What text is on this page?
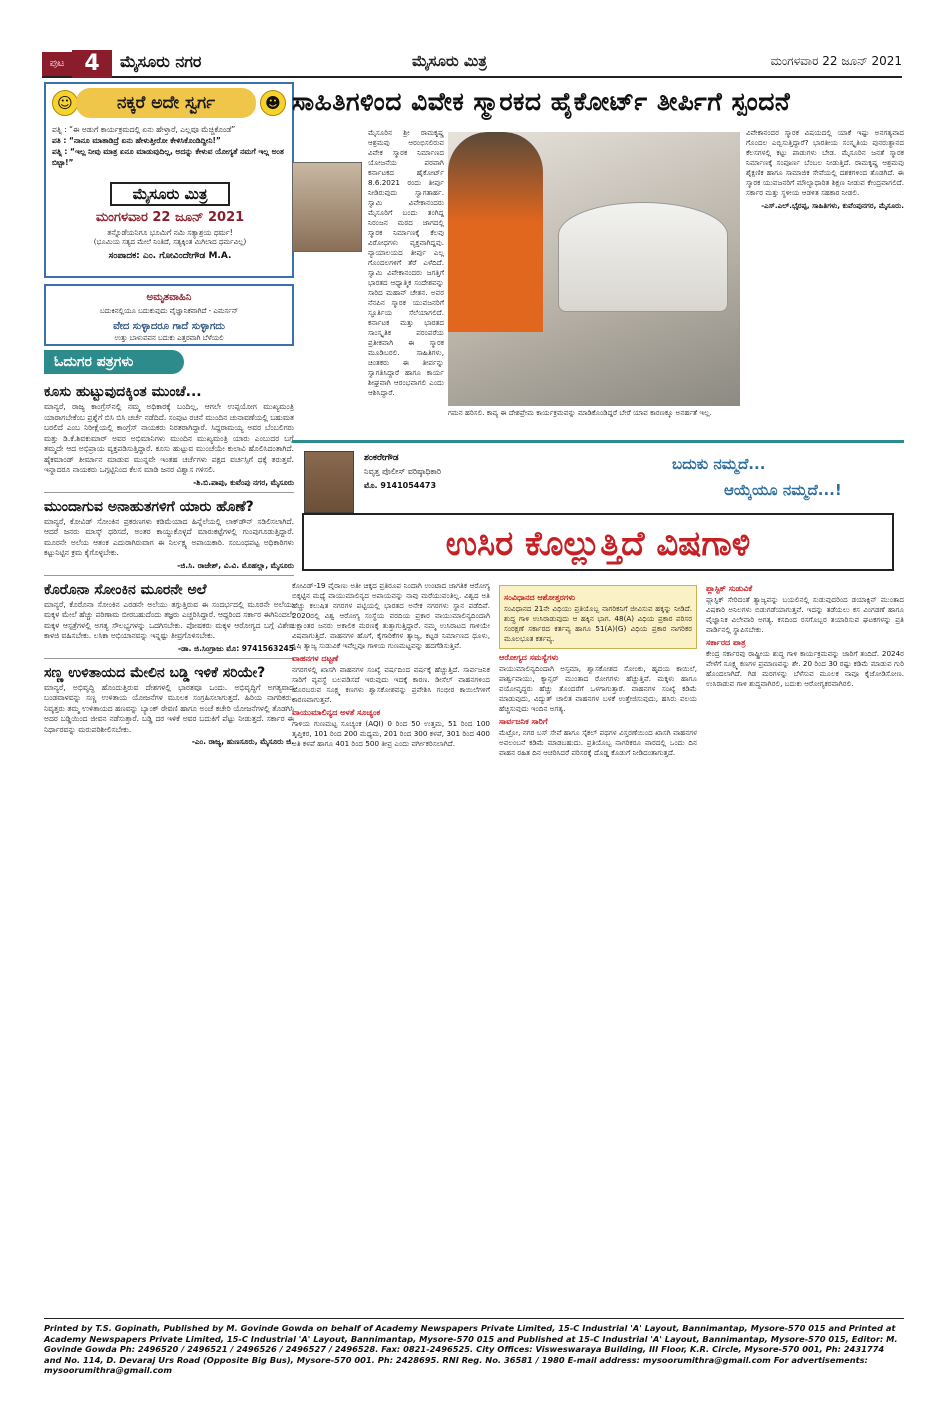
ಪುಟ 4	ಮೈಸೂರು ನಗರ	ಮೈಸೂರು ಮಿತ್ರ	ಮಂಗಳವಾರ 22 ಜೂನ್ 2021
☺	ನಕ್ಕರೆ ಅದೇ ಸ್ವರ್ಗ	☻
ಪತ್ನಿ : “ಈ ಅಡುಗೆ ಕಾರ್ಯಕ್ರಮದಲ್ಲಿ ಏನು ಹೇಳ್ತಾರೆ, ಎಲ್ಲವೂ ಮೆಚ್ಚಿಕೊಂಡೆ”
ಪತಿ : “ನಾನೂ ಮಾತಾಡಿದ್ರೆ ಏನು ಹೇಳುತ್ತೀರೋ ಕೇಳಿಸಿಕೊಂಡಿದ್ದೀನಿ!”
ಪತ್ನಿ : “ಇಲ್ಲ ನೀವು ಮಾತ್ರ ಏನೂ ಮಾಡುವುದಿಲ್ಲ, ಅದನ್ನು ಕೇಳುವ ಯೋಗ್ಯತೆ ನಮಗೆ ಇಲ್ಲ ಅಂತ ಬಿಟ್ಟಾ!”
ಮೈಸೂರು ಮಿತ್ರ
ಮಂಗಳವಾರ 22 ಜೂನ್ 2021
ತನ್ನೊಡೆಯನಿಗೂ ಭೂಮಿಗೆ ನಮಿ ಸತ್ಯಾಶ್ರಯ ಧರ್ಮ!
(ಭೂಮಿಯ ಸತ್ಯದ ಮೇಲೆ ನಿಂತಿದೆ, ಸತ್ಯಕ್ಕಿಂತ ಮಿಗಿಲಾದ ಧರ್ಮವಿಲ್ಲ)
ಸಂಪಾದಕ: ಎಂ. ಗೋವಿಂದೇಗೌಡ M.A.
ಅಮೃತವಾಹಿನಿ
ಬದುಕಿನಲ್ಲಿಯೂ ಬದುಕುವುದು ವೈಜ್ಞಾನಿಕವಾಗಿದೆ - ಎಮರ್ಸನ್
ವೇದ ಸುಳ್ಳಾದರೂ ಗಾದೆ ಸುಳ್ಳಾಗದು
ಉತ್ತು ಬಾಳುವವನ ಬದುಕು ಎತ್ತರವಾಗಿ ಬೆಳೆಯಲಿ
ಓದುಗರ ಪತ್ರಗಳು
ಕೂಸು ಹುಟ್ಟುವುದಕ್ಕಿಂತ ಮುಂಚೆ...
ಮಾನ್ಯರೆ, ರಾಜ್ಯ ಕಾಂಗ್ರೆಸ್‌ನಲ್ಲಿ ನಮ್ಮ ಅಧಿಕಾರಕ್ಕೆ ಬಂದಿಲ್ಲ, ಆಗಲೇ ಉಪ್ಪಯೋಗ ಮುಖ್ಯಮಂತ್ರಿ ಯಾರಾಗಬೇಕೆಂಬ ಪ್ರಶ್ನೆಗೆ ಬಿಸಿ ಬಿಸಿ ಚರ್ಚೆ ನಡೆದಿದೆ. ಸಂಪುಟ ರಚನೆ ಮುಂದಿನ ಚುನಾವಣೆಯಲ್ಲಿ ಬಹುಮತ ಬರಲಿದೆ ಎಂಬ ನಿರೀಕ್ಷೆಯಲ್ಲಿ ಕಾಂಗ್ರೆಸ್ ನಾಯಕರು ನಿರತರಾಗಿದ್ದಾರೆ. ಸಿದ್ದರಾಮಯ್ಯ ಅವರ ಬೆಂಬಲಿಗರು ಮತ್ತು ಡಿ.ಕೆ.ಶಿವಕುಮಾರ್ ಅವರ ಅಭಿಮಾನಿಗಳು ಮುಂದಿನ ಮುಖ್ಯಮಂತ್ರಿ ಯಾರು ಎಂಬುದರ ಬಗ್ಗೆ ತಮ್ಮದೇ ಆದ ಅಭಿಪ್ರಾಯ ವ್ಯಕ್ತಪಡಿಸುತ್ತಿದ್ದಾರೆ. ಕೂಸು ಹುಟ್ಟುವ ಮುಂಚೆಯೇ ಕುಲಾವಿ ಹೊಲಿಸಿದಂತಾಗಿದೆ. ಹೈಕಮಾಂಡ್ ತೀರ್ಮಾನ ಮಾಡುವ ಮುನ್ನವೇ ಇಂತಹ ಚರ್ಚೆಗಳು ಪಕ್ಷದ ವರ್ಚಸ್ಸಿಗೆ ಧಕ್ಕೆ ತರುತ್ತವೆ. ಇನ್ನಾದರೂ ನಾಯಕರು ಒಗ್ಗಟ್ಟಿನಿಂದ ಕೆಲಸ ಮಾಡಿ ಜನರ ವಿಶ್ವಾಸ ಗಳಿಸಲಿ.
-ಶಿ.ಬಿ.ಪಾಪು, ಕುವೆಂಪು ನಗರ, ಮೈಸೂರು
ಮುಂದಾಗುವ ಅನಾಹುತಗಳಿಗೆ ಯಾರು ಹೊಣೆ?
ಮಾನ್ಯರೆ, ಕೋವಿಡ್ ಸೋಂಕಿನ ಪ್ರಕರಣಗಳು ಕಡಿಮೆಯಾದ ಹಿನ್ನೆಲೆಯಲ್ಲಿ ಲಾಕ್‌ಡೌನ್ ಸಡಿಲಿಸಲಾಗಿದೆ. ಆದರೆ ಜನರು ಮಾಸ್ಕ್ ಧರಿಸದೆ, ಅಂತರ ಕಾಯ್ದುಕೊಳ್ಳದೆ ಮಾರುಕಟ್ಟೆಗಳಲ್ಲಿ ಗುಂಪುಗೂಡುತ್ತಿದ್ದಾರೆ. ಮೂರನೇ ಅಲೆಯ ಆತಂಕ ಎದುರಾಗಿರುವಾಗ ಈ ನಿರ್ಲಕ್ಷ್ಯ ಅಪಾಯಕಾರಿ. ಸಂಬಂಧಪಟ್ಟ ಅಧಿಕಾರಿಗಳು ಕಟ್ಟುನಿಟ್ಟಿನ ಕ್ರಮ ಕೈಗೊಳ್ಳಬೇಕು.
-ಜಿ.ಸಿ. ರಾಜೇಶ್, ವಿ.ವಿ. ಮೊಹಲ್ಲಾ, ಮೈಸೂರು
ಕೊರೊನಾ ಸೋಂಕಿನ ಮೂರನೇ ಅಲೆ
ಮಾನ್ಯರೆ, ಕೊರೊನಾ ಸೋಂಕಿನ ಎರಡನೇ ಅಲೆಯು ತಗ್ಗುತ್ತಿರುವ ಈ ಸಂದರ್ಭದಲ್ಲಿ ಮೂರನೇ ಅಲೆಯು ಮಕ್ಕಳ ಮೇಲೆ ಹೆಚ್ಚು ಪರಿಣಾಮ ಬೀರಬಹುದೆಂದು ತಜ್ಞರು ಎಚ್ಚರಿಸಿದ್ದಾರೆ. ಆದ್ದರಿಂದ ಸರ್ಕಾರ ಈಗಿನಿಂದಲೇ ಮಕ್ಕಳ ಆಸ್ಪತ್ರೆಗಳಲ್ಲಿ ಅಗತ್ಯ ಸೌಲಭ್ಯಗಳನ್ನು ಒದಗಿಸಬೇಕು. ಪೋಷಕರು ಮಕ್ಕಳ ಆರೋಗ್ಯದ ಬಗ್ಗೆ ವಿಶೇಷ ಕಾಳಜಿ ವಹಿಸಬೇಕು. ಲಸಿಕಾ ಅಭಿಯಾನವನ್ನು ಇನ್ನಷ್ಟು ತೀವ್ರಗೊಳಿಸಬೇಕು.
-ಡಾ. ಜಿ.ಸಿಂಗ್ರಾಜು ಮೊ: 9741563245
ಸಣ್ಣ ಉಳಿತಾಯದ ಮೇಲಿನ ಬಡ್ಡಿ ಇಳಿಕೆ ಸರಿಯೇ?
ಮಾನ್ಯರೆ, ಅಭಿವೃದ್ಧಿ ಹೊಂದುತ್ತಿರುವ ದೇಶಗಳಲ್ಲಿ ಭಾರತವೂ ಒಂದು. ಅಭಿವೃದ್ಧಿಗೆ ಅಗತ್ಯವಾದ ಬಂಡವಾಳವನ್ನು ಸಣ್ಣ ಉಳಿತಾಯ ಯೋಜನೆಗಳ ಮೂಲಕ ಸಂಗ್ರಹಿಸಲಾಗುತ್ತದೆ. ಹಿರಿಯ ನಾಗರಿಕರು, ನಿವೃತ್ತರು ತಮ್ಮ ಉಳಿತಾಯದ ಹಣವನ್ನು ಬ್ಯಾಂಕ್ ಠೇವಣಿ ಹಾಗೂ ಅಂಚೆ ಕಚೇರಿ ಯೋಜನೆಗಳಲ್ಲಿ ತೊಡಗಿಸಿ ಅದರ ಬಡ್ಡಿಯಿಂದ ಜೀವನ ನಡೆಸುತ್ತಾರೆ. ಬಡ್ಡಿ ದರ ಇಳಿಕೆ ಅವರ ಬದುಕಿಗೆ ಪೆಟ್ಟು ನೀಡುತ್ತದೆ. ಸರ್ಕಾರ ಈ ನಿರ್ಧಾರವನ್ನು ಮರುಪರಿಶೀಲಿಸಬೇಕು.
-ಎಂ. ರಾಜ್ಯ, ಹುಣಸೂರು, ಮೈಸೂರು ಜಿ.
ಸಾಹಿತಿಗಳಿಂದ ವಿವೇಕ ಸ್ಮಾರಕದ ಹೈಕೋರ್ಟ್ ತೀರ್ಪಿಗೆ ಸ್ಪಂದನೆ
ಮೈಸೂರಿನ ಶ್ರೀ ರಾಮಕೃಷ್ಣ ಆಶ್ರಮವು ಆರಂಭಿಸಲಿರುವ ವಿವೇಕ ಸ್ಮಾರಕ ನಿರ್ಮಾಣದ ಯೋಜನೆಯ ಪರವಾಗಿ ಕರ್ನಾಟಕದ ಹೈಕೋರ್ಟ್ 8.6.2021 ರಂದು ತೀರ್ಪು ನೀಡಿರುವುದು ಸ್ವಾಗತಾರ್ಹ. ಸ್ವಾಮಿ ವಿವೇಕಾನಂದರು ಮೈಸೂರಿಗೆ ಬಂದು ತಂಗಿದ್ದ ನಿರಂಜನ ಮಠದ ಜಾಗದಲ್ಲಿ ಸ್ಮಾರಕ ನಿರ್ಮಾಣಕ್ಕೆ ಕೆಲವು ವಿರೋಧಗಳು ವ್ಯಕ್ತವಾಗಿದ್ದವು. ನ್ಯಾಯಾಲಯದ ತೀರ್ಪು ಎಲ್ಲ ಗೊಂದಲಗಳಿಗೆ ತೆರೆ ಎಳೆದಿದೆ. ಸ್ವಾಮಿ ವಿವೇಕಾನಂದರು ಜಗತ್ತಿಗೆ ಭಾರತದ ಆಧ್ಯಾತ್ಮಿಕ ಸಂದೇಶವನ್ನು ಸಾರಿದ ಮಹಾನ್ ಚೇತನ. ಅವರ ನೆನಪಿನ ಸ್ಮಾರಕ ಯುವಜನರಿಗೆ ಸ್ಫೂರ್ತಿಯ ಸೆಲೆಯಾಗಲಿದೆ. ಕರ್ನಾಟಕ ಮತ್ತು ಭಾರತದ ಸಾಂಸ್ಕೃತಿಕ ಪರಂಪರೆಯ ಪ್ರತೀಕವಾಗಿ ಈ ಸ್ಮಾರಕ ಮೂಡಿಬರಲಿ. ಸಾಹಿತಿಗಳು, ಚಿಂತಕರು ಈ ತೀರ್ಪನ್ನು ಸ್ವಾಗತಿಸಿದ್ದಾರೆ ಹಾಗೂ ಕಾರ್ಯ ಶೀಘ್ರವಾಗಿ ಆರಂಭವಾಗಲಿ ಎಂದು ಆಶಿಸಿದ್ದಾರೆ.
ಗಮನ ಹರಿಸಲಿ. ಕಾವ್ಯ ಈ ದೇಶಪ್ರೇಮ ಕಾರ್ಯಕ್ರಮವನ್ನು ಮಾಡಿಕೊಂಡಿದ್ದರೆ ಬೇರೆ ಯಾವ ಕಾರಣಕ್ಕೂ ಅನರ್ಹತೆ ಇಲ್ಲ.
ವಿವೇಕಾನಂದರ ಸ್ಮಾರಕ ವಿಷಯದಲ್ಲಿ ಯಾಕೆ ಇಷ್ಟು ಅನಗತ್ಯವಾದ ಗೊಂದಲ ಎಬ್ಬಿಸುತ್ತಿದ್ದಾರೆ? ಭಾರತೀಯ ಸಂಸ್ಕೃತಿಯ ಪುನರುತ್ಥಾನದ ಕೆಲಸಗಳಲ್ಲಿ ಕಟ್ಟು ಪಾಡುಗಳು ಬೇಡ. ಮೈಸೂರಿನ ಜನತೆ ಸ್ಮಾರಕ ನಿರ್ಮಾಣಕ್ಕೆ ಸಂಪೂರ್ಣ ಬೆಂಬಲ ನೀಡುತ್ತಿದೆ. ರಾಮಕೃಷ್ಣ ಆಶ್ರಮವು ಶೈಕ್ಷಣಿಕ ಹಾಗೂ ಸಾಮಾಜಿಕ ಸೇವೆಯಲ್ಲಿ ದಶಕಗಳಿಂದ ತೊಡಗಿದೆ. ಈ ಸ್ಮಾರಕ ಯುವಜನರಿಗೆ ಮೌಲ್ಯಾಧಾರಿತ ಶಿಕ್ಷಣ ನೀಡುವ ಕೇಂದ್ರವಾಗಲಿದೆ. ಸರ್ಕಾರ ಮತ್ತು ಸ್ಥಳೀಯ ಆಡಳಿತ ಸಹಕಾರ ನೀಡಲಿ.
-ಎಸ್.ಎಲ್.ಭೈರಪ್ಪ, ಸಾಹಿತಿಗಳು, ಕುವೆಂಪುನಗರ, ಮೈಸೂರು.
ಶಂಕರೇಗೌಡ
ನಿವೃತ್ತ ಪೊಲೀಸ್ ವರಿಷ್ಠಾಧಿಕಾರಿ
ಮೊ. 9141054473
ಬದುಕು ನಮ್ಮದೆ...
ಆಯ್ಕೆಯೂ ನಮ್ಮದೆ...!
ಉಸಿರ ಕೊಲ್ಲುತ್ತಿದೆ ವಿಷಗಾಳಿ
ಕೋವಿಡ್-19 ವೈರಾಣು ಅತೀ ಚಿಕ್ಕದ ಪ್ರತಿರೂಪ ನಿಂದಾಗಿ ಉಂಟಾದ ಜಾಗತಿಕ ಆರೋಗ್ಯ ಬಿಕ್ಕಟ್ಟಿನ ಮಧ್ಯೆ ವಾಯುಮಾಲಿನ್ಯದ ಅಪಾಯವನ್ನು ನಾವು ಮರೆಯುವಂತಿಲ್ಲ. ವಿಶ್ವದ ಅತಿ ಹೆಚ್ಚು ಕಲುಷಿತ ನಗರಗಳ ಪಟ್ಟಿಯಲ್ಲಿ ಭಾರತದ ಅನೇಕ ನಗರಗಳು ಸ್ಥಾನ ಪಡೆದಿವೆ. 2020ರಲ್ಲಿ ವಿಶ್ವ ಆರೋಗ್ಯ ಸಂಸ್ಥೆಯ ವರದಿಯ ಪ್ರಕಾರ ವಾಯುಮಾಲಿನ್ಯದಿಂದಾಗಿ ಲಕ್ಷಾಂತರ ಜನರು ಅಕಾಲಿಕ ಮರಣಕ್ಕೆ ತುತ್ತಾಗುತ್ತಿದ್ದಾರೆ. ನಮ್ಮ ಉಸಿರಾಟದ ಗಾಳಿಯೇ ವಿಷವಾಗುತ್ತಿದೆ. ವಾಹನಗಳ ಹೊಗೆ, ಕೈಗಾರಿಕೆಗಳ ತ್ಯಾಜ್ಯ, ಕಟ್ಟಡ ನಿರ್ಮಾಣದ ಧೂಳು, ಕೃಷಿ ತ್ಯಾಜ್ಯ ಸುಡುವಿಕೆ ಇವೆಲ್ಲವೂ ಗಾಳಿಯ ಗುಣಮಟ್ಟವನ್ನು ಹದಗೆಡಿಸುತ್ತಿವೆ.
ವಾಹನಗಳ ದಟ್ಟಣೆ
ನಗರಗಳಲ್ಲಿ ಖಾಸಗಿ ವಾಹನಗಳ ಸಂಖ್ಯೆ ವರ್ಷದಿಂದ ವರ್ಷಕ್ಕೆ ಹೆಚ್ಚುತ್ತಿದೆ. ಸಾರ್ವಜನಿಕ ಸಾರಿಗೆ ವ್ಯವಸ್ಥೆ ಬಲಪಡಿಸದೆ ಇರುವುದು ಇದಕ್ಕೆ ಕಾರಣ. ಡೀಸೆಲ್ ವಾಹನಗಳಿಂದ ಹೊರಬರುವ ಸೂಕ್ಷ್ಮ ಕಣಗಳು ಶ್ವಾಸಕೋಶವನ್ನು ಪ್ರವೇಶಿಸಿ ಗಂಭೀರ ಕಾಯಿಲೆಗಳಿಗೆ ಕಾರಣವಾಗುತ್ತವೆ.
ವಾಯುಮಾಲಿನ್ಯದ ಅಳತೆ ಸೂಚ್ಯಂಕ
ಗಾಳಿಯ ಗುಣಮಟ್ಟ ಸೂಚ್ಯಂಕ (AQI) 0 ರಿಂದ 50 ಉತ್ತಮ, 51 ರಿಂದ 100 ತೃಪ್ತಿಕರ, 101 ರಿಂದ 200 ಮಧ್ಯಮ, 201 ರಿಂದ 300 ಕಳಪೆ, 301 ರಿಂದ 400 ಅತಿ ಕಳಪೆ ಹಾಗೂ 401 ರಿಂದ 500 ತೀವ್ರ ಎಂದು ವರ್ಗೀಕರಿಸಲಾಗಿದೆ.
ಸಂವಿಧಾನದ ಆಶೋತ್ತರಗಳು
ಸಂವಿಧಾನದ 21ನೇ ವಿಧಿಯು ಪ್ರತಿಯೊಬ್ಬ ನಾಗರಿಕನಿಗೆ ಜೀವಿಸುವ ಹಕ್ಕನ್ನು ನೀಡಿದೆ. ಶುದ್ಧ ಗಾಳಿ ಉಸಿರಾಡುವುದು ಆ ಹಕ್ಕಿನ ಭಾಗ. 48(A) ವಿಧಿಯ ಪ್ರಕಾರ ಪರಿಸರ ಸಂರಕ್ಷಣೆ ಸರ್ಕಾರದ ಕರ್ತವ್ಯ ಹಾಗೂ 51(A)(G) ವಿಧಿಯ ಪ್ರಕಾರ ನಾಗರಿಕರ ಮೂಲಭೂತ ಕರ್ತವ್ಯ.
ಆರೋಗ್ಯದ ಸಮಸ್ಯೆಗಳು
ವಾಯುಮಾಲಿನ್ಯದಿಂದಾಗಿ ಅಸ್ತಮಾ, ಶ್ವಾಸಕೋಶದ ಸೋಂಕು, ಹೃದಯ ಕಾಯಿಲೆ, ಪಾರ್ಶ್ವವಾಯು, ಕ್ಯಾನ್ಸರ್ ಮುಂತಾದ ರೋಗಗಳು ಹೆಚ್ಚುತ್ತಿವೆ. ಮಕ್ಕಳು ಹಾಗೂ ವಯೋವೃದ್ಧರು ಹೆಚ್ಚು ತೊಂದರೆಗೆ ಒಳಗಾಗುತ್ತಾರೆ. ವಾಹನಗಳ ಸಂಖ್ಯೆ ಕಡಿಮೆ ಮಾಡುವುದು, ವಿದ್ಯುತ್ ಚಾಲಿತ ವಾಹನಗಳ ಬಳಕೆ ಉತ್ತೇಜಿಸುವುದು, ಹಸಿರು ವಲಯ ಹೆಚ್ಚಿಸುವುದು ಇಂದಿನ ಅಗತ್ಯ.
ಸಾರ್ವಜನಿಕ ಸಾರಿಗೆ
ಮೆಟ್ರೋ, ನಗರ ಬಸ್ ಸೇವೆ ಹಾಗೂ ಸೈಕಲ್ ಪಥಗಳ ವಿಸ್ತರಣೆಯಿಂದ ಖಾಸಗಿ ವಾಹನಗಳ ಅವಲಂಬನೆ ಕಡಿಮೆ ಮಾಡಬಹುದು. ಪ್ರತಿಯೊಬ್ಬ ನಾಗರಿಕರೂ ವಾರದಲ್ಲಿ ಒಂದು ದಿನ ವಾಹನ ರಹಿತ ದಿನ ಆಚರಿಸಿದರೆ ಪರಿಸರಕ್ಕೆ ದೊಡ್ಡ ಕೊಡುಗೆ ನೀಡಿದಂತಾಗುತ್ತದೆ.
ಪ್ಲಾಸ್ಟಿಕ್ ಸುಡುವಿಕೆ
ಪ್ಲಾಸ್ಟಿಕ್ ಸೇರಿದಂತೆ ತ್ಯಾಜ್ಯವನ್ನು ಬಯಲಿನಲ್ಲಿ ಸುಡುವುದರಿಂದ ಡಯಾಕ್ಸಿನ್ ಮುಂತಾದ ವಿಷಕಾರಿ ಅನಿಲಗಳು ಬಿಡುಗಡೆಯಾಗುತ್ತವೆ. ಇದನ್ನು ತಡೆಯಲು ಕಸ ವಿಂಗಡಣೆ ಹಾಗೂ ವೈಜ್ಞಾನಿಕ ವಿಲೇವಾರಿ ಅಗತ್ಯ. ಕಸದಿಂದ ರಸಗೊಬ್ಬರ ತಯಾರಿಸುವ ಘಟಕಗಳನ್ನು ಪ್ರತಿ ವಾರ್ಡಿನಲ್ಲಿ ಸ್ಥಾಪಿಸಬೇಕು.
ಸರ್ಕಾರದ ಪಾತ್ರ
ಕೇಂದ್ರ ಸರ್ಕಾರವು ರಾಷ್ಟ್ರೀಯ ಶುದ್ಧ ಗಾಳಿ ಕಾರ್ಯಕ್ರಮವನ್ನು ಜಾರಿಗೆ ತಂದಿದೆ. 2024ರ ವೇಳೆಗೆ ಸೂಕ್ಷ್ಮ ಕಣಗಳ ಪ್ರಮಾಣವನ್ನು ಶೇ. 20 ರಿಂದ 30 ರಷ್ಟು ಕಡಿಮೆ ಮಾಡುವ ಗುರಿ ಹೊಂದಲಾಗಿದೆ. ಗಿಡ ಮರಗಳನ್ನು ಬೆಳೆಸುವ ಮೂಲಕ ನಾವೂ ಕೈಜೋಡಿಸೋಣ. ಉಸಿರಾಡುವ ಗಾಳಿ ಶುದ್ಧವಾಗಿರಲಿ, ಬದುಕು ಆರೋಗ್ಯಕರವಾಗಿರಲಿ.
Printed by T.S. Gopinath, Published by M. Govinde Gowda on behalf of Academy Newspapers Private Limited, 15-C Industrial 'A' Layout, Bannimantap, Mysore-570 015 and Printed at Academy Newspapers Private Limited, 15-C Industrial 'A' Layout, Bannimantap, Mysore-570 015 and Published at 15-C Industrial 'A' Layout, Bannimantap, Mysore-570 015, Editor: M. Govinde Gowda Ph: 2496520 / 2496521 / 2496526 / 2496527 / 2496528. Fax: 0821-2496525. City Offices: Visweswaraya Building, III Floor, K.R. Circle, Mysore-570 001, Ph: 2431774 and No. 114, D. Devaraj Urs Road (Opposite Big Bus), Mysore-570 001. Ph: 2428695. RNI Reg. No. 36581 / 1980 E-mail address: mysoorumithra@gmail.com For advertisements: mysoorumithra@gmail.com
